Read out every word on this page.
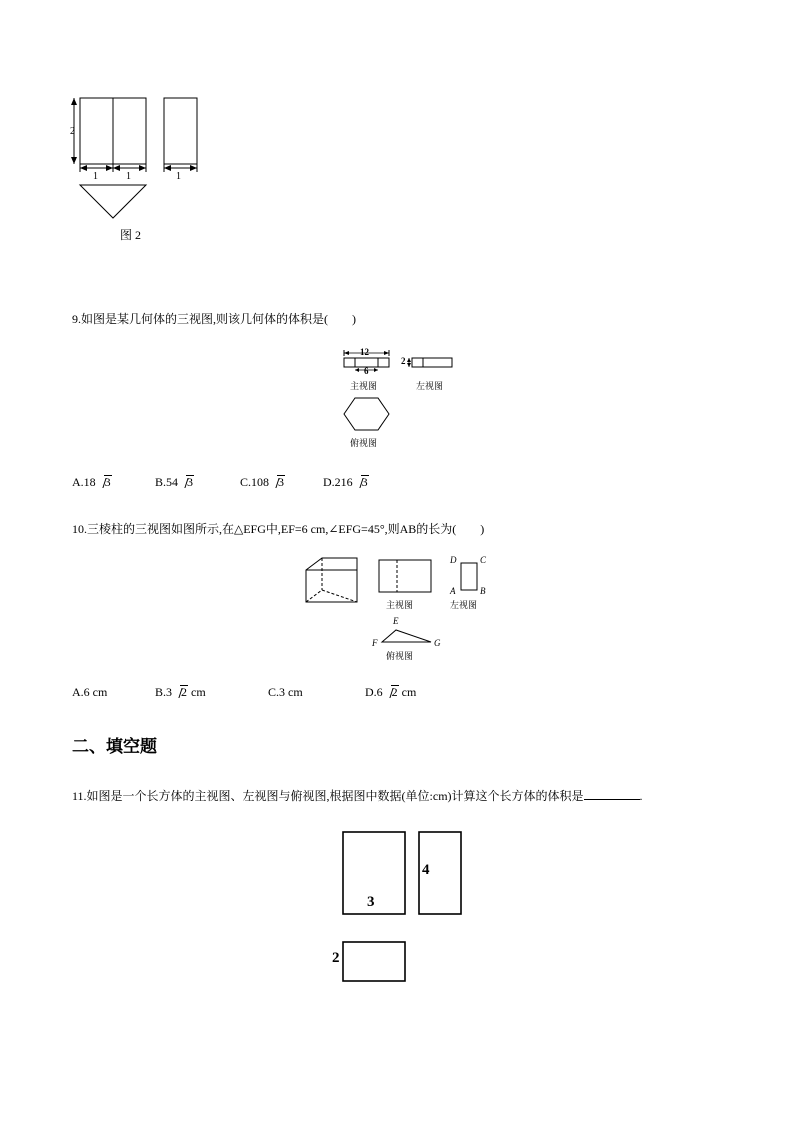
2
1	1	1
图 2
9.如图是某几何体的三视图,则该几何体的体积是(　　)
12
6
2
主视图	左视图
俯视图
A.18 3	B.54 3	C.108 3	D.216 3
10.三棱柱的三视图如图所示,在△EFG中,EF=6 cm,∠EFG=45°,则AB的长为(　　)
主视图	左视图
D	C
A	B
E
F	G
俯视图
A.6 cm	B.3 2 cm	C.3 cm	D.6 2 cm
二、填空题
11.如图是一个长方体的主视图、左视图与俯视图,根据图中数据(单位:cm)计算这个长方体的体积是	.
3
4
2
